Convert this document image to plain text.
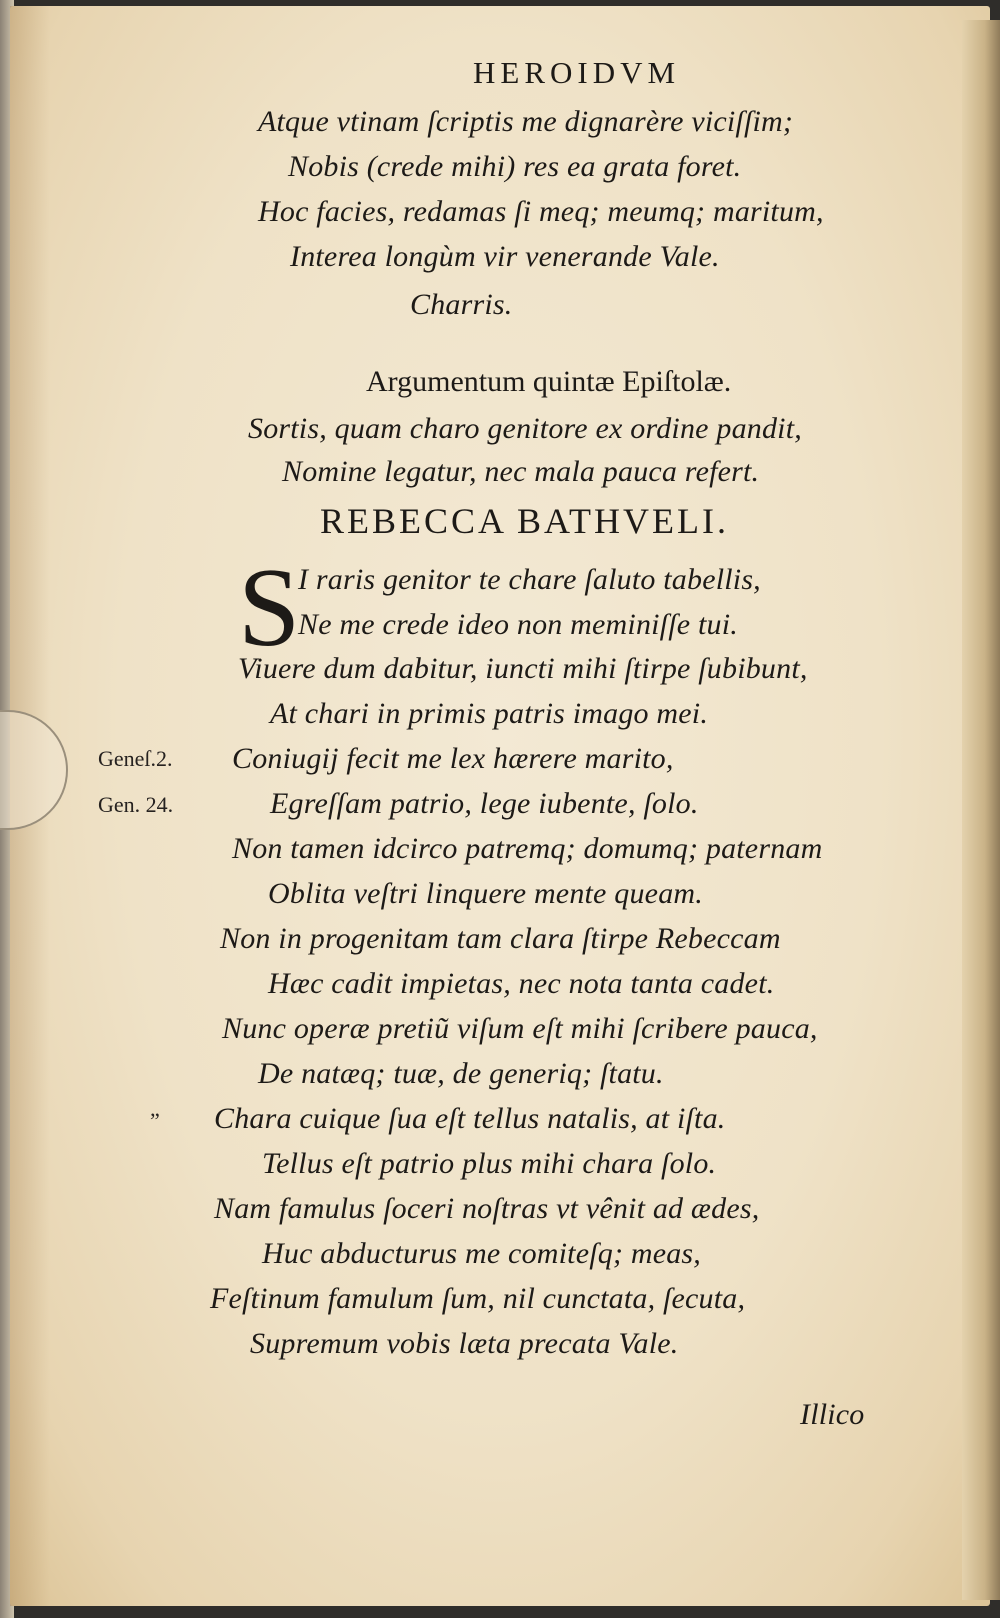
HEROIDVM
Atque vtinam ſcriptis me dignarère viciſſim;
Nobis (crede mihi) res ea grata foret.
Hoc facies, redamas ſi meq; meumq; maritum,
Interea longùm vir venerande Vale.
Charris.
Argumentum quintæ Epiſtolæ.
Sortis, quam charo genitore ex ordine pandit,
Nomine legatur, nec mala pauca refert.
REBECCA BATHVELI.
S
I raris genitor te chare ſaluto tabellis,
Ne me crede ideo non meminiſſe tui.
Viuere dum dabitur, iuncti mihi ſtirpe ſubibunt,
At chari in primis patris imago mei.
Coniugij fecit me lex hærere marito,
Egreſſam patrio, lege iubente, ſolo.
Non tamen idcirco patremq; domumq; paternam
Oblita veſtri linquere mente queam.
Non in progenitam tam clara ſtirpe Rebeccam
Hæc cadit impietas, nec nota tanta cadet.
Nunc operæ pretiũ viſum eſt mihi ſcribere pauca,
De natæq; tuæ, de generiq; ſtatu.
Chara cuique ſua eſt tellus natalis, at iſta.
Tellus eſt patrio plus mihi chara ſolo.
Nam famulus ſoceri noſtras vt vênit ad ædes,
Huc abducturus me comiteſq; meas,
Feſtinum famulum ſum, nil cunctata, ſecuta,
Supremum vobis læta precata Vale.
Geneſ.2.
Gen. 24.
”
Illico
